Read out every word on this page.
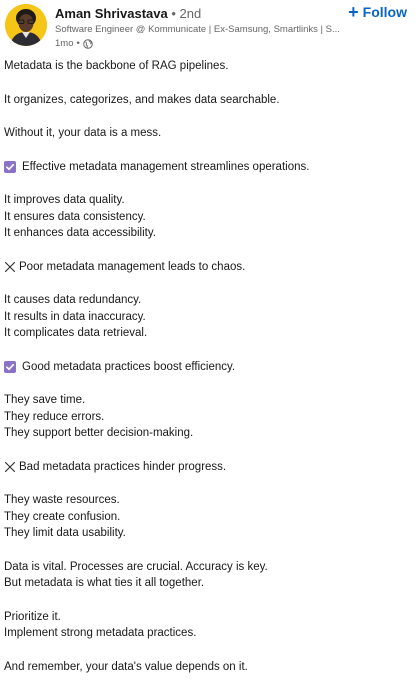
Aman Shrivastava • 2nd
Software Engineer @ Kommunicate | Ex-Samsung, Smartlinks | S...
1mo •
+ Follow
Metadata is the backbone of RAG pipelines.
It organizes, categorizes, and makes data searchable.
Without it, your data is a mess.
Effective metadata management streamlines operations.
It improves data quality.
It ensures data consistency.
It enhances data accessibility.
Poor metadata management leads to chaos.
It causes data redundancy.
It results in data inaccuracy.
It complicates data retrieval.
Good metadata practices boost efficiency.
They save time.
They reduce errors.
They support better decision-making.
Bad metadata practices hinder progress.
They waste resources.
They create confusion.
They limit data usability.
Data is vital. Processes are crucial. Accuracy is key.
But metadata is what ties it all together.
Prioritize it.
Implement strong metadata practices.
And remember, your data's value depends on it.
